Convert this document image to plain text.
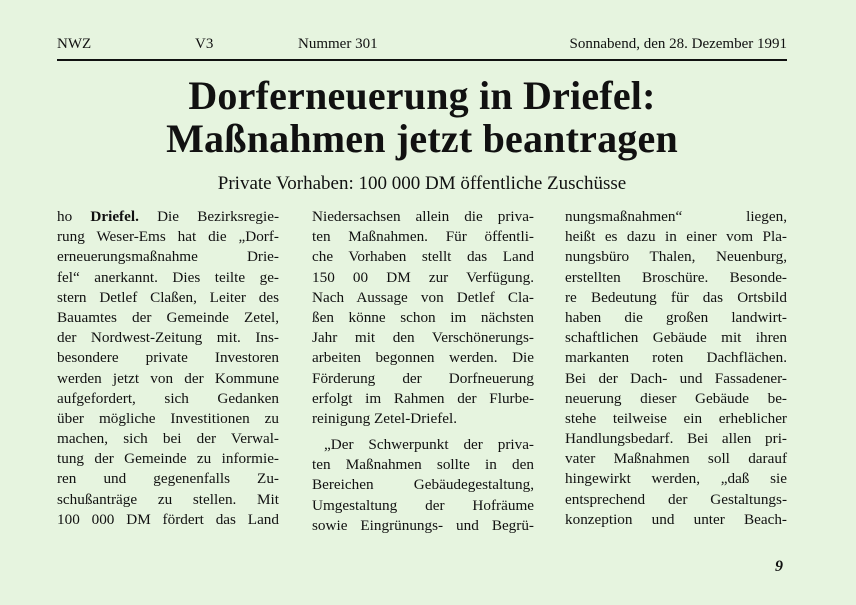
NWZ	V3	Nummer 301	Sonnabend, den 28. Dezember 1991
Dorferneuerung in Driefel:
Maßnahmen jetzt beantragen
Private Vorhaben: 100 000 DM öffentliche Zuschüsse
ho Driefel. Die Bezirksregie-
rung Weser-Ems hat die „Dorf-
erneuerungsmaßnahme Drie-
fel“ anerkannt. Dies teilte ge-
stern Detlef Claßen, Leiter des
Bauamtes der Gemeinde Zetel,
der Nordwest-Zeitung mit. Ins-
besondere private Investoren
werden jetzt von der Kommune
aufgefordert, sich Gedanken
über mögliche Investitionen zu
machen, sich bei der Verwal-
tung der Gemeinde zu informie-
ren und gegenenfalls Zu-
schußanträge zu stellen. Mit
100 000 DM fördert das Land
Niedersachsen allein die priva-
ten Maßnahmen. Für öffentli-
che Vorhaben stellt das Land
150 00 DM zur Verfügung.
Nach Aussage von Detlef Cla-
ßen könne schon im nächsten
Jahr mit den Verschönerungs-
arbeiten begonnen werden. Die
Förderung der Dorfneuerung
erfolgt im Rahmen der Flurbe-
reinigung Zetel-Driefel.
„Der Schwerpunkt der priva-
ten Maßnahmen sollte in den
Bereichen Gebäudegestaltung,
Umgestaltung der Hofräume
sowie Eingrünungs- und Begrü-
nungsmaßnahmen“ liegen,
heißt es dazu in einer vom Pla-
nungsbüro Thalen, Neuenburg,
erstellten Broschüre. Besonde-
re Bedeutung für das Ortsbild
haben die großen landwirt-
schaftlichen Gebäude mit ihren
markanten roten Dachflächen.
Bei der Dach- und Fassadener-
neuerung dieser Gebäude be-
stehe teilweise ein erheblicher
Handlungsbedarf. Bei allen pri-
vater Maßnahmen soll darauf
hingewirkt werden, „daß sie
entsprechend der Gestaltungs-
konzeption und unter Beach-
9
